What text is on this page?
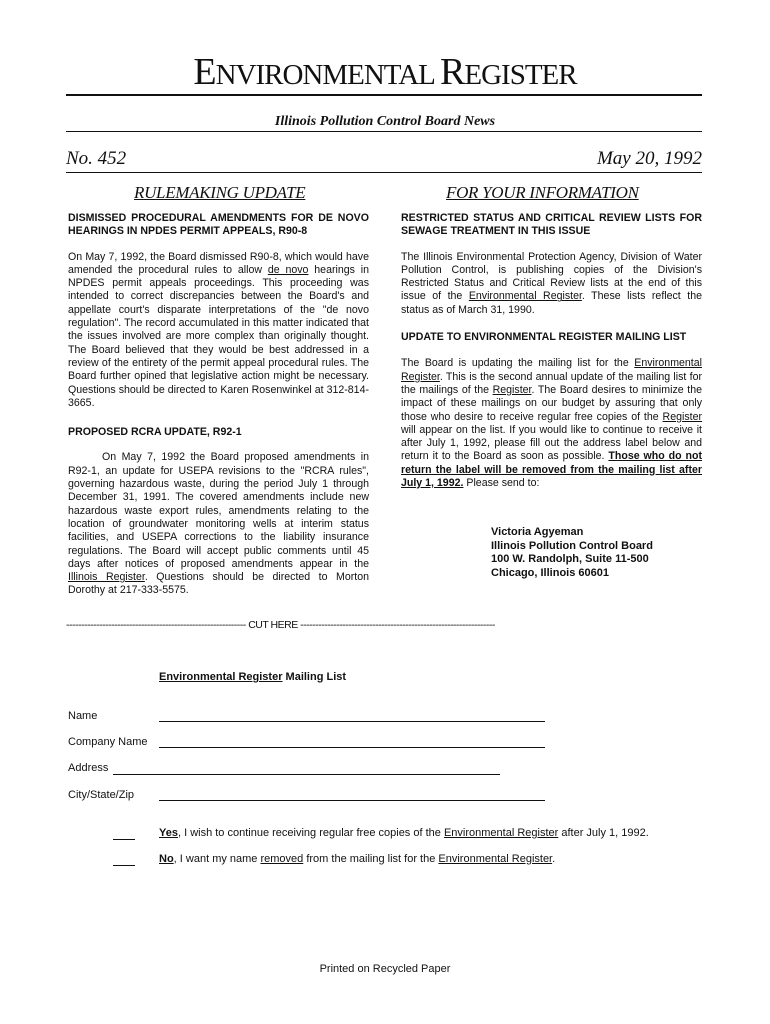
ENVIRONMENTAL REGISTER
Illinois Pollution Control Board News
No. 452	May 20, 1992
RULEMAKING UPDATE	FOR YOUR INFORMATION

DISMISSED PROCEDURAL AMENDMENTS FOR DE NOVO HEARINGS IN NPDES PERMIT APPEALS, R90-8

On May 7, 1992, the Board dismissed R90-8, which would have amended the procedural rules to allow de novo hearings in NPDES permit appeals proceedings. This proceeding was intended to correct discrepancies between the Board's and appellate court's disparate interpretations of the "de novo regulation". The record accumulated in this matter indicated that the issues involved are more complex than originally thought. The Board believed that they would be best addressed in a review of the entirety of the permit appeal procedural rules. The Board further opined that legislative action might be necessary. Questions should be directed to Karen Rosenwinkel at 312-814-3665.

PROPOSED RCRA UPDATE, R92-1

On May 7, 1992 the Board proposed amendments in R92-1, an update for USEPA revisions to the "RCRA rules", governing hazardous waste, during the period July 1 through December 31, 1991. The covered amendments include new hazardous waste export rules, amendments relating to the location of groundwater monitoring wells at interim status facilities, and USEPA corrections to the liability insurance regulations. The Board will accept public comments until 45 days after notices of proposed amendments appear in the Illinois Register. Questions should be directed to Morton Dorothy at 217-333-5575.

RESTRICTED STATUS AND CRITICAL REVIEW LISTS FOR SEWAGE TREATMENT IN THIS ISSUE

The Illinois Environmental Protection Agency, Division of Water Pollution Control, is publishing copies of the Division's Restricted Status and Critical Review lists at the end of this issue of the Environmental Register. These lists reflect the status as of March 31, 1990.

UPDATE TO ENVIRONMENTAL REGISTER MAILING LIST

The Board is updating the mailing list for the Environmental Register. This is the second annual update of the mailing list for the mailings of the Register. The Board desires to minimize the impact of these mailings on our budget by assuring that only those who desire to receive regular free copies of the Register will appear on the list. If you would like to continue to receive it after July 1, 1992, please fill out the address label below and return it to the Board as soon as possible. Those who do not return the label will be removed from the mailing list after July 1, 1992. Please send to:

Victoria Agyeman
Illinois Pollution Control Board
100 W. Randolph, Suite 11-500
Chicago, Illinois 60601
------------------------------------------------------------ CUT HERE -----------------------------------------------------------------
Environmental Register Mailing List
Name
Company Name
Address
City/State/Zip
Yes, I wish to continue receiving regular free copies of the Environmental Register after July 1, 1992.
No, I want my name removed from the mailing list for the Environmental Register.
Printed on Recycled Paper
